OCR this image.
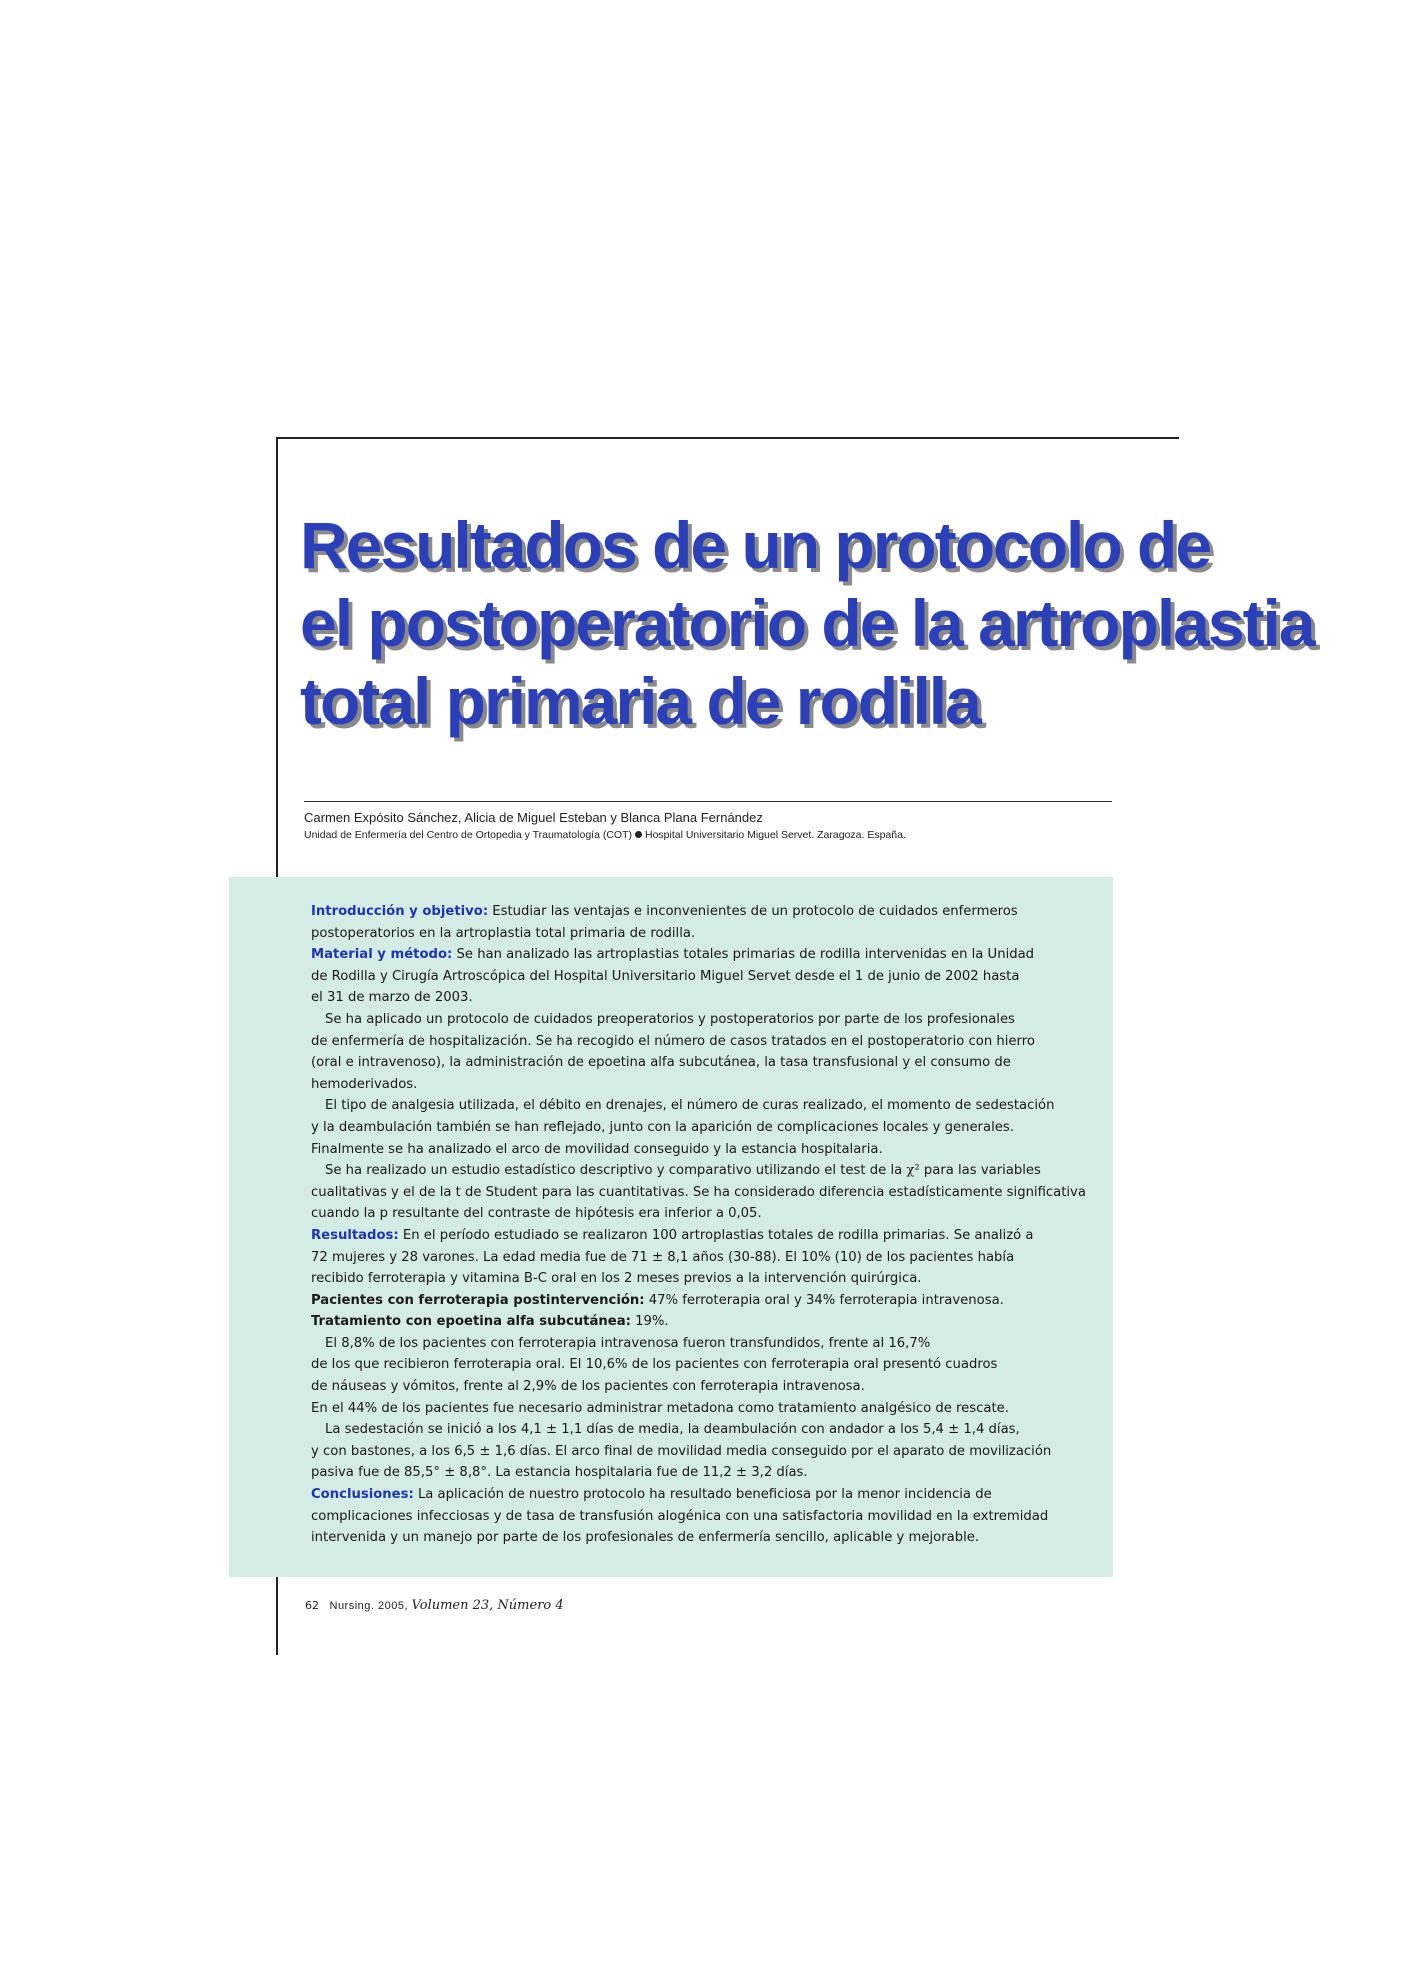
Resultados de un protocolo de
el postoperatorio de la artroplastia
total primaria de rodilla
Carmen Expósito Sánchez, Alicia de Miguel Esteban y Blanca Plana Fernández
Unidad de Enfermería del Centro de Ortopedia y Traumatología (COT) Hospital Universitario Miguel Servet. Zaragoza. España.

Introducción y objetivo: Estudiar las ventajas e inconvenientes de un protocolo de cuidados enfermeros

postoperatorios en la artroplastia total primaria de rodilla.

Material y método: Se han analizado las artroplastias totales primarias de rodilla intervenidas en la Unidad

de Rodilla y Cirugía Artroscópica del Hospital Universitario Miguel Servet desde el 1 de junio de 2002 hasta

el 31 de marzo de 2003.

Se ha aplicado un protocolo de cuidados preoperatorios y postoperatorios por parte de los profesionales

de enfermería de hospitalización. Se ha recogido el número de casos tratados en el postoperatorio con hierro

(oral e intravenoso), la administración de epoetina alfa subcutánea, la tasa transfusional y el consumo de

hemoderivados.

El tipo de analgesia utilizada, el débito en drenajes, el número de curas realizado, el momento de sedestación

y la deambulación también se han reflejado, junto con la aparición de complicaciones locales y generales.

Finalmente se ha analizado el arco de movilidad conseguido y la estancia hospitalaria.

Se ha realizado un estudio estadístico descriptivo y comparativo utilizando el test de la χ² para las variables

cualitativas y el de la t de Student para las cuantitativas. Se ha considerado diferencia estadísticamente significativa

cuando la p resultante del contraste de hipótesis era inferior a 0,05.

Resultados: En el período estudiado se realizaron 100 artroplastias totales de rodilla primarias. Se analizó a

72 mujeres y 28 varones. La edad media fue de 71 ± 8,1 años (30-88). El 10% (10) de los pacientes había

recibido ferroterapia y vitamina B-C oral en los 2 meses previos a la intervención quirúrgica.

Pacientes con ferroterapia postintervención: 47% ferroterapia oral y 34% ferroterapia intravenosa.

Tratamiento con epoetina alfa subcutánea: 19%.

El 8,8% de los pacientes con ferroterapia intravenosa fueron transfundidos, frente al 16,7%

de los que recibieron ferroterapia oral. El 10,6% de los pacientes con ferroterapia oral presentó cuadros

de náuseas y vómitos, frente al 2,9% de los pacientes con ferroterapia intravenosa.

En el 44% de los pacientes fue necesario administrar metadona como tratamiento analgésico de rescate.

La sedestación se inició a los 4,1 ± 1,1 días de media, la deambulación con andador a los 5,4 ± 1,4 días,

y con bastones, a los 6,5 ± 1,6 días. El arco final de movilidad media conseguido por el aparato de movilización

pasiva fue de 85,5° ± 8,8°. La estancia hospitalaria fue de 11,2 ± 3,2 días.

Conclusiones: La aplicación de nuestro protocolo ha resultado beneficiosa por la menor incidencia de

complicaciones infecciosas y de tasa de transfusión alogénica con una satisfactoria movilidad en la extremidad

intervenida y un manejo por parte de los profesionales de enfermería sencillo, aplicable y mejorable.

62 Nursing. 2005, Volumen 23, Número 4
